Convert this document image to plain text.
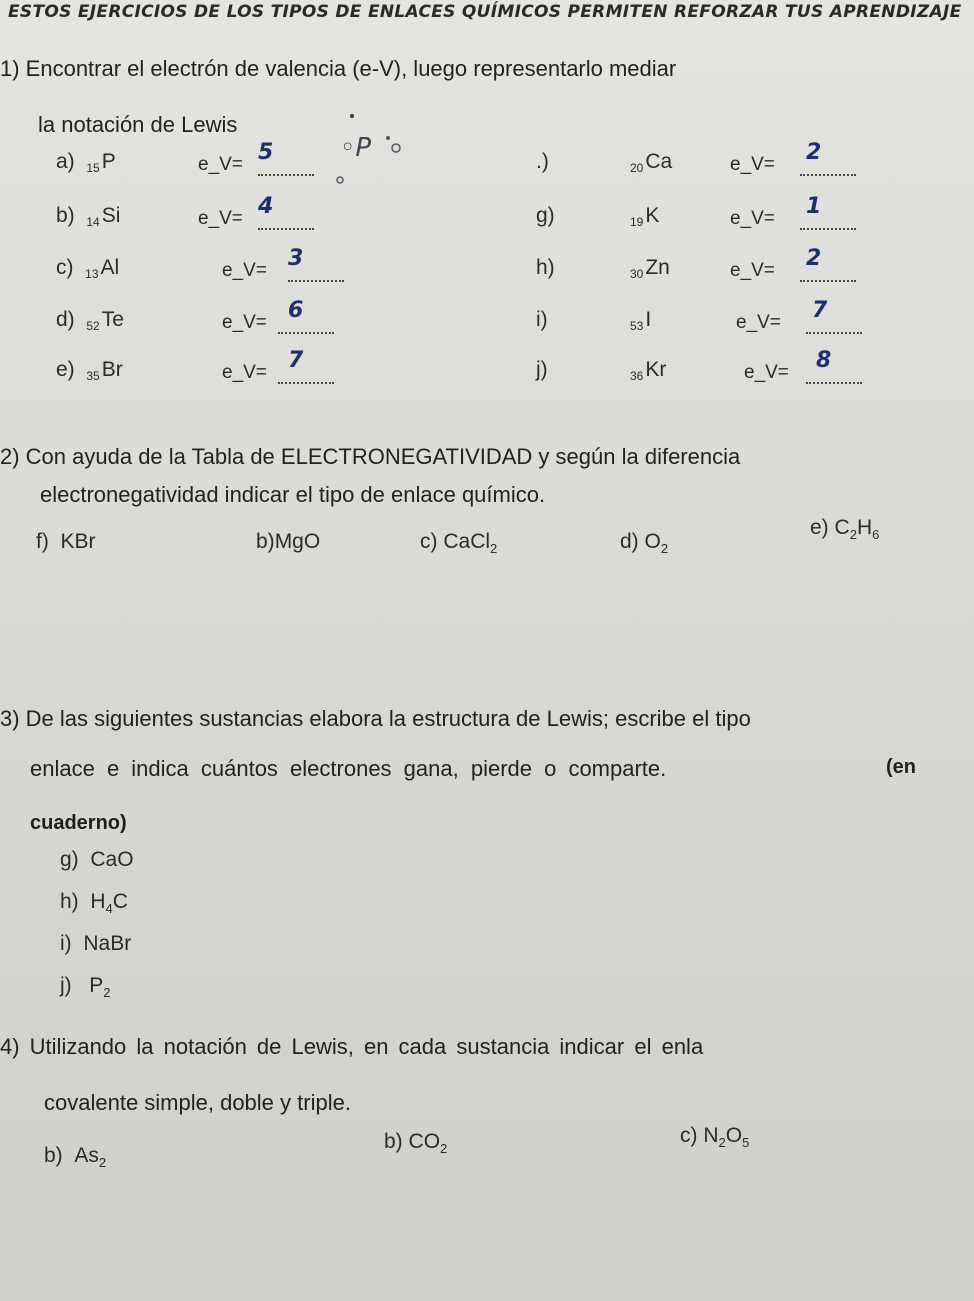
ESTOS EJERCICIOS DE LOS TIPOS DE ENLACES QUÍMICOS PERMITEN REFORZAR TUS APRENDIZAJE
1) Encontrar el electrón de valencia (e-V), luego representarlo mediar
la notación de Lewis
◦P
a) 15P	e_V= 5
b) 14Si	e_V= 4
c) 13Al	e_V= 3
d) 52Te	e_V= 6
e) 35Br	e_V= 7
.)	20Ca	e_V= 2
g)	19K	e_V= 1
h)	30Zn	e_V= 2
i)	53I	e_V= 7
j)	36Kr	e_V= 8
2) Con ayuda de la Tabla de ELECTRONEGATIVIDAD y según la diferencia
electronegatividad indicar el tipo de enlace químico.
f) KBr	b)MgO	c) CaCl$_2$	d) $O_2$
e) $C_2H_6$
3) De las siguientes sustancias elabora la estructura de Lewis; escribe el tipo
enlace e indica cuántos electrones gana, pierde o comparte.	(en
cuaderno)
g) CaO
h) $H_4C$
i) NaBr
j) $P_2$
4) Utilizando la notación de Lewis, en cada sustancia indicar el enla
covalente simple, doble y triple.
b) $As_2$
b) $CO_2$
c) $N_2O_5$
